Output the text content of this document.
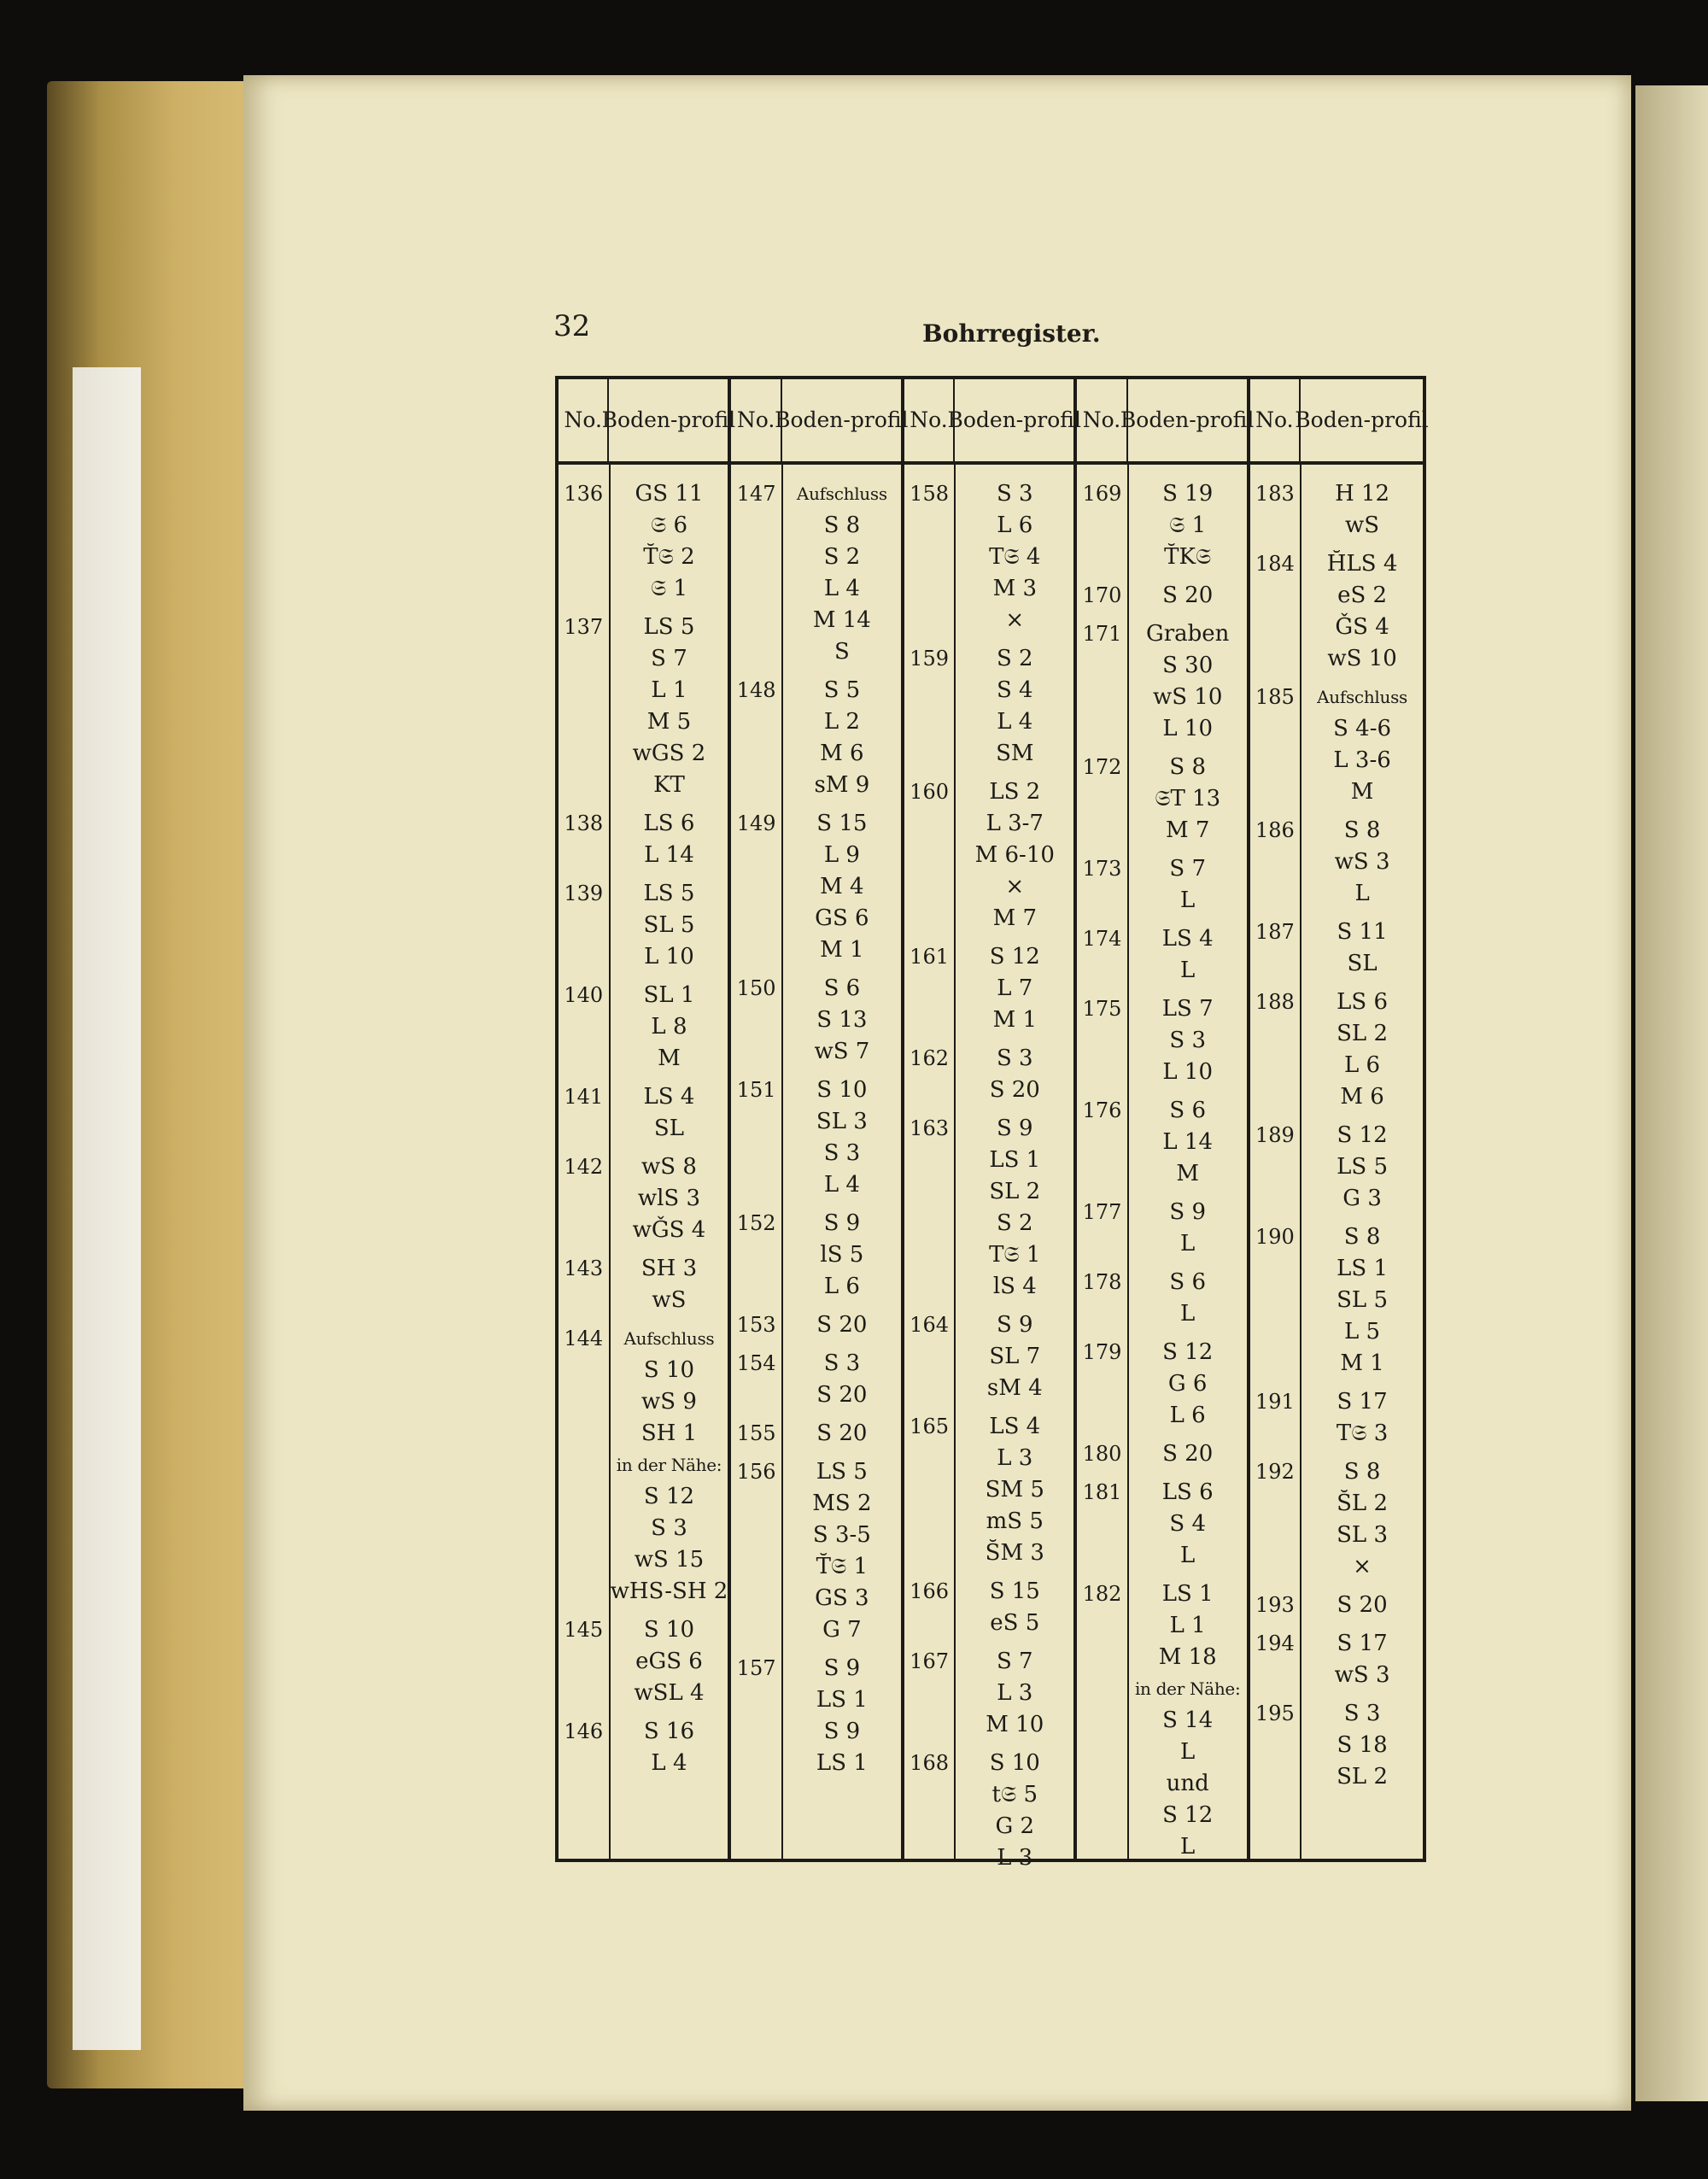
32	Bohrregister.
No. Boden- profil No. Boden- profil No. Boden- profil No. Boden- profil No. Boden- profil
136
137
138
139
140
141
142
143
144
145
146
GS 11
𝔖 6
T̆𝔖 2
𝔖 1
LS 5
S 7
L 1
M 5
wGS 2
KT
LS 6
L 14
LS 5
SL 5
L 10
SL 1
L 8
M
LS 4
SL
wS 8
wlS 3
wǦS 4
SH 3
wS
Aufschluss
S 10
wS 9
SH 1
in der Nähe:
S 12
S 3
wS 15
wHS-SH 2
S 10
eGS 6
wSL 4
S 16
L 4
147
148
149
150
151
152
153
154
155
156
157
Aufschluss
S 8
S 2
L 4
M 14
S
S 5
L 2
M 6
sM 9
S 15
L 9
M 4
GS 6
M 1
S 6
S 13
wS 7
S 10
SL 3
S 3
L 4
S 9
lS 5
L 6
S 20
S 3
S 20
S 20
LS 5
MS 2
S 3-5
T̆𝔖 1
GS 3
G 7
S 9
LS 1
S 9
LS 1
158
159
160
161
162
163
164
165
166
167
168
S 3
L 6
T𝔖 4
M 3
×
S 2
S 4
L 4
SM
LS 2
L 3-7
M 6-10
×
M 7
S 12
L 7
M 1
S 3
S 20
S 9
LS 1
SL 2
S 2
T𝔖 1
lS 4
S 9
SL 7
sM 4
LS 4
L 3
SM 5
mS 5
S̆M 3
S 15
eS 5
S 7
L 3
M 10
S 10
t𝔖 5
G 2
L 3
169
170
171
172
173
174
175
176
177
178
179
180
181
182
S 19
𝔖 1
T̆K𝔖
S 20
Graben
S 30
wS 10
L 10
S 8
𝔖T 13
M 7
S 7
L
LS 4
L
LS 7
S 3
L 10
S 6
L 14
M
S 9
L
S 6
L
S 12
G 6
L 6
S 20
LS 6
S 4
L
LS 1
L 1
M 18
in der Nähe:
S 14
L
und
S 12
L
183
184
185
186
187
188
189
190
191
192
193
194
195
H 12
wS
H̆LS 4
eS 2
ǦS 4
wS 10
Aufschluss
S 4-6
L 3-6
M
S 8
wS 3
L
S 11
SL
LS 6
SL 2
L 6
M 6
S 12
LS 5
G 3
S 8
LS 1
SL 5
L 5
M 1
S 17
T𝔖 3
S 8
S̆L 2
SL 3
×
S 20
S 17
wS 3
S 3
S 18
SL 2
